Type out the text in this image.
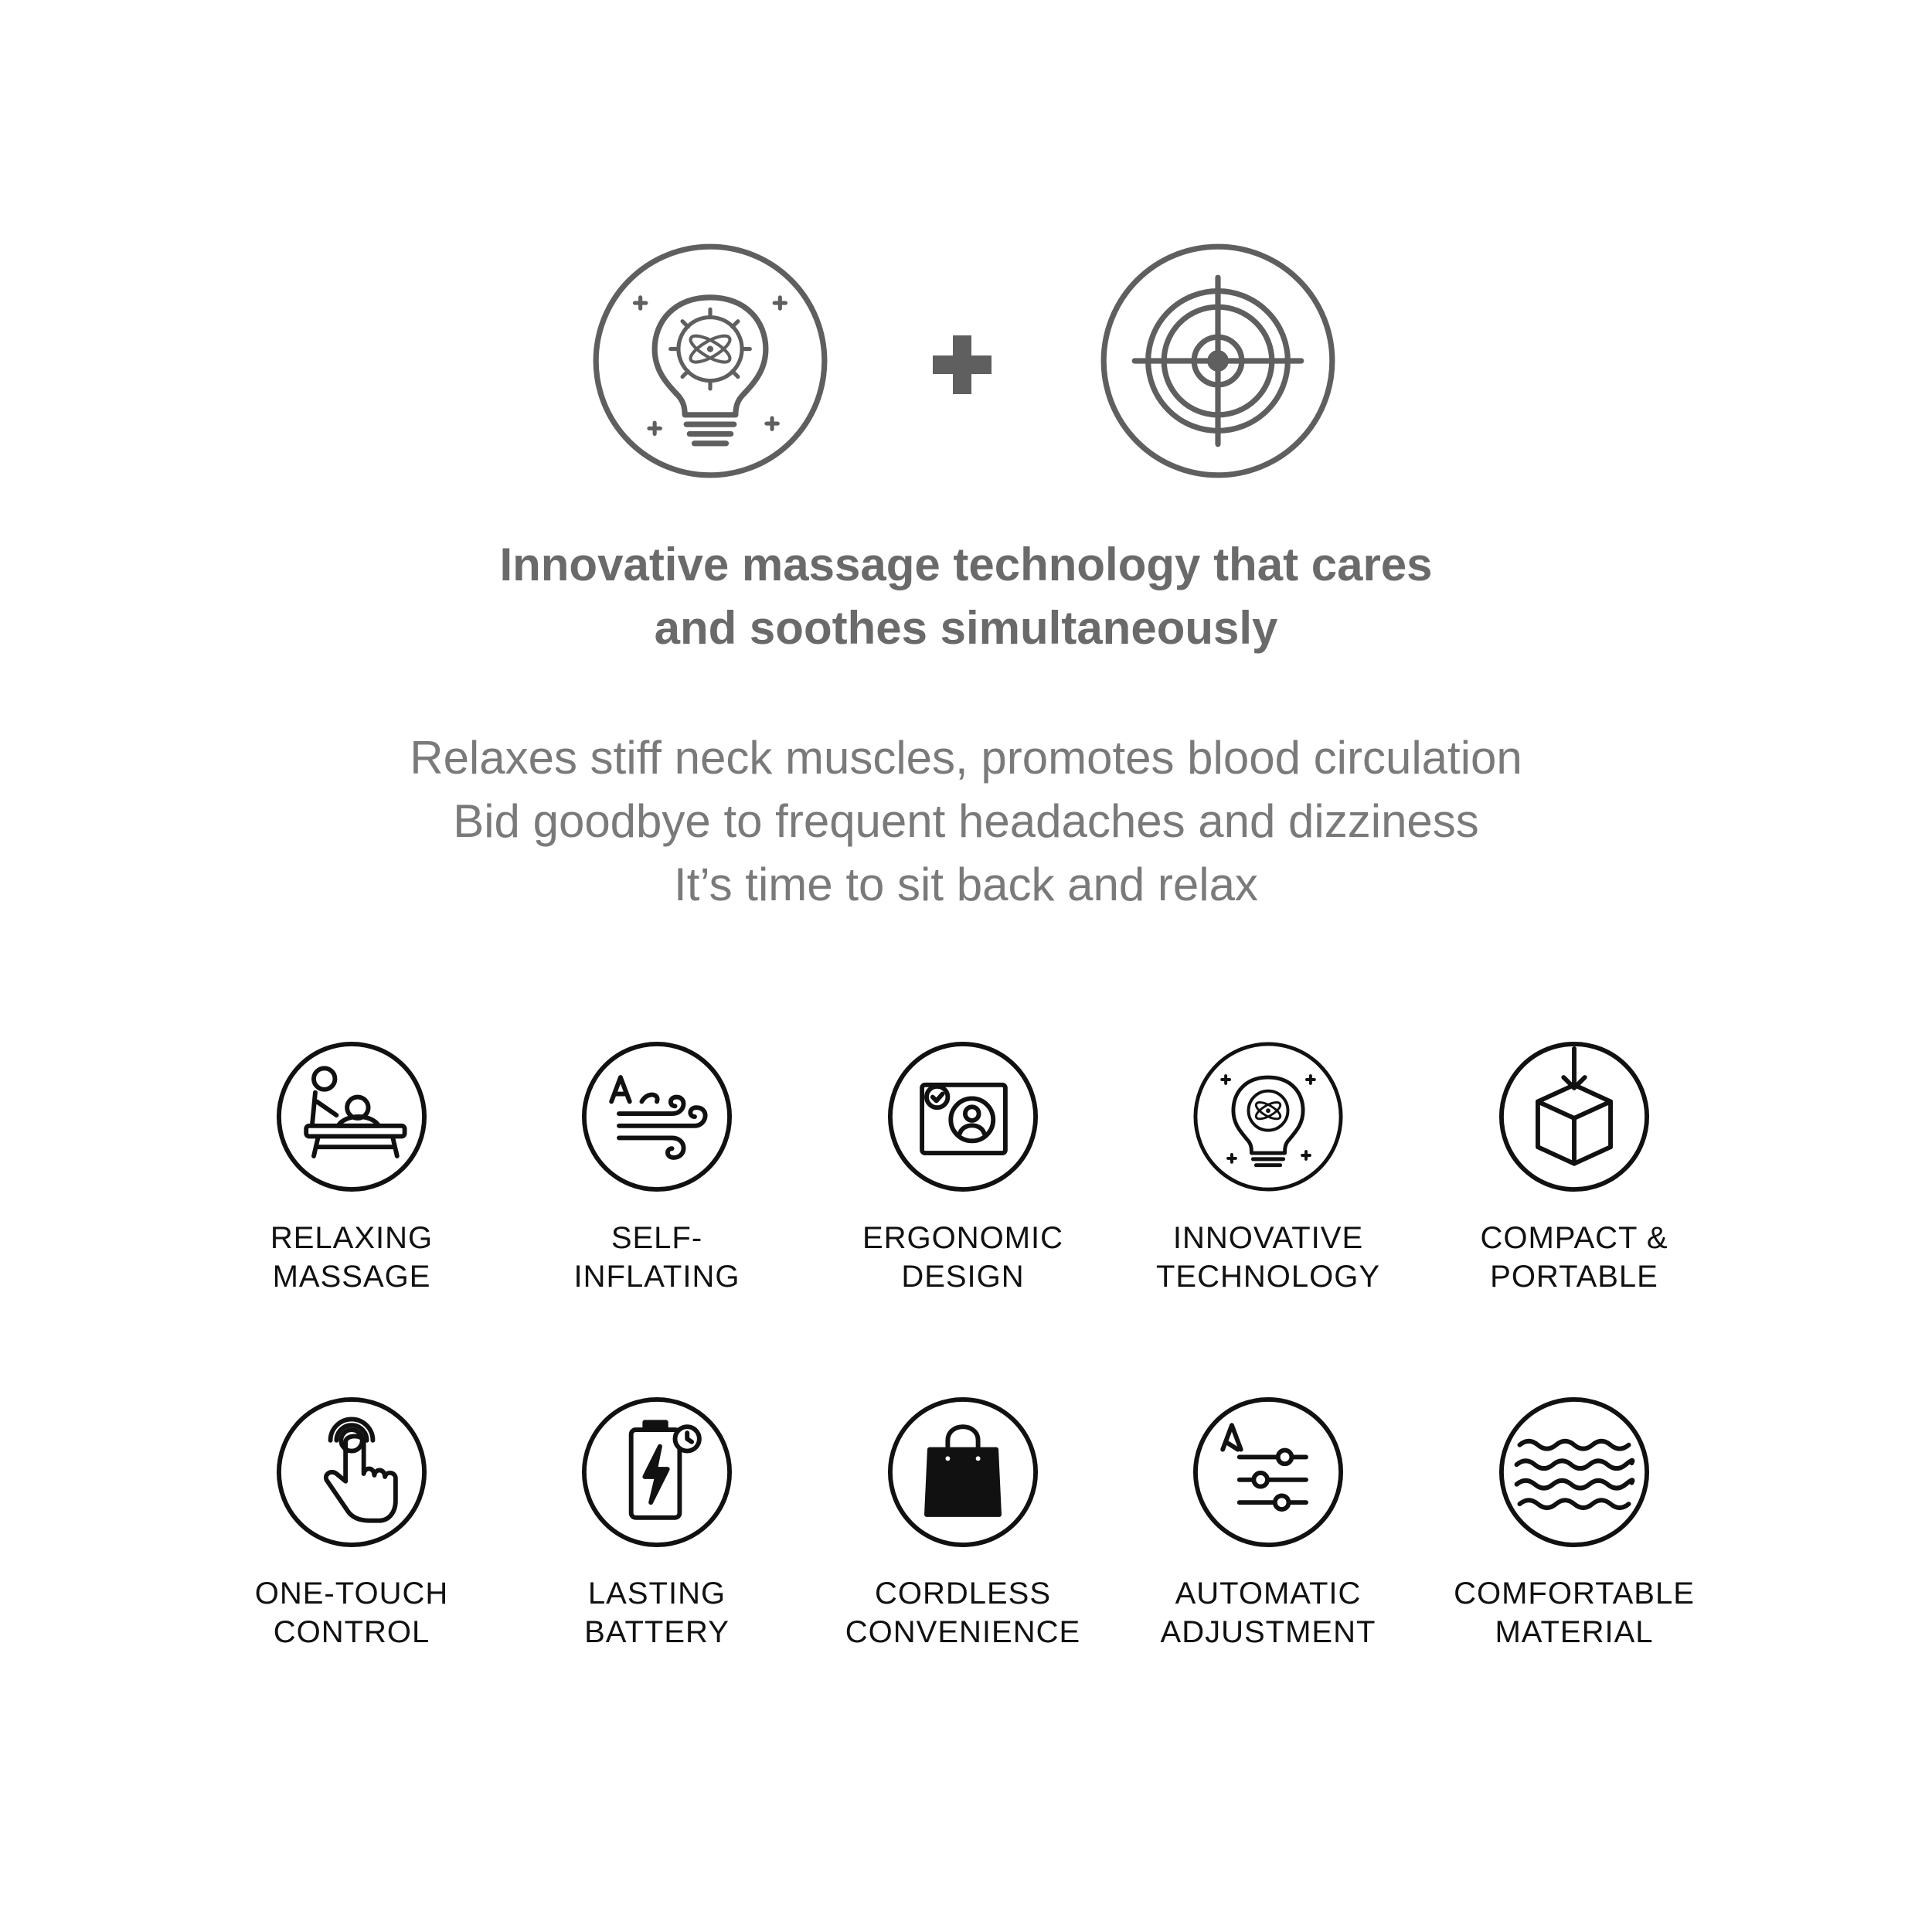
Innovative massage technology that cares
and soothes simultaneously
Relaxes stiff neck muscles, promotes blood circulation
Bid goodbye to frequent headaches and dizziness
It’s time to sit back and relax
RELAXING
MASSAGE
SELF-
INFLATING
ERGONOMIC
DESIGN
INNOVATIVE
TECHNOLOGY
COMPACT &
PORTABLE
ONE-TOUCH
CONTROL
LASTING
BATTERY
CORDLESS
CONVENIENCE
AUTOMATIC
ADJUSTMENT
COMFORTABLE
MATERIAL
